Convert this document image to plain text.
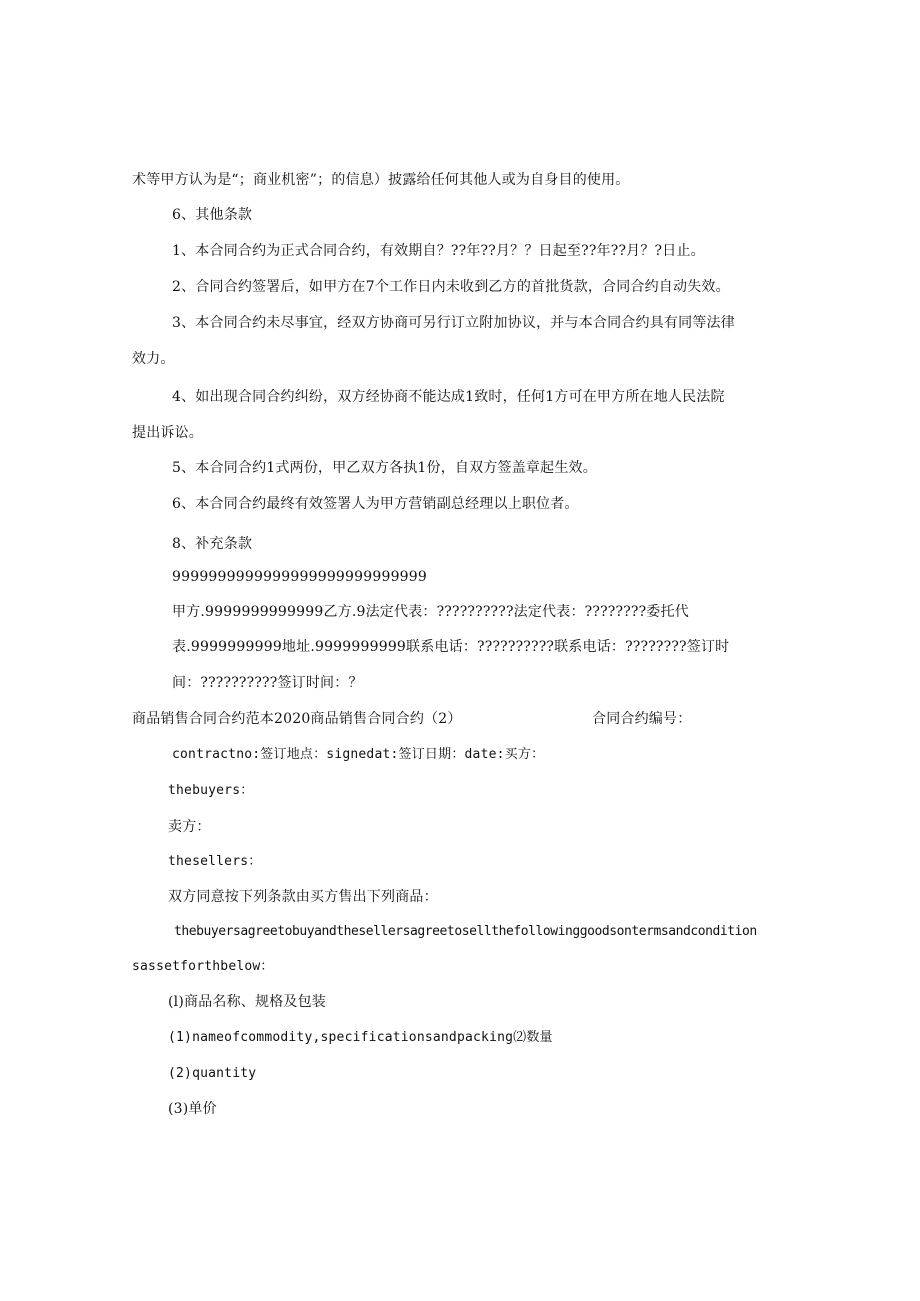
术等甲方认为是“；商业机密”；的信息）披露给任何其他人或为自身目的使用。
6、其他条款
1、本合同合约为正式合同合约，有效期自？??年??月？？日起至??年??月？?日止。
2、合同合约签署后，如甲方在7个工作日内未收到乙方的首批货款，合同合约自动失效。
3、本合同合约未尽事宜，经双方协商可另行订立附加协议，并与本合同合约具有同等法律
效力。
4、如出现合同合约纠纷，双方经协商不能达成1致时，任何1方可在甲方所在地人民法院
提出诉讼。
5、本合同合约1式两份，甲乙双方各执1份，自双方签盖章起生效。
6、本合同合约最终有效签署人为甲方营销副总经理以上职位者。
8、补充条款
9999999999999999999999999999
甲方.9999999999999乙方.9法定代表：??????????法定代表：????????委托代
表.9999999999地址.9999999999联系电话：??????????联系电话：????????签订时
间：??????????签订时间：？
商品销售合同合约范本2020商品销售合同合约（2）	合同合约编号：
contractno:签订地点：signedat:签订日期：date:买方：
thebuyers：
卖方：
thesellers：
双方同意按下列条款由买方售出下列商品：
thebuyersagreetobuyandthesellersagreetosellthefollowinggoodsontermsandcondition
sassetforthbelow：
(l)商品名称、规格及包装
(1)nameofcommodity,specificationsandpacking⑵数量
(2)quantity
(3)单价
